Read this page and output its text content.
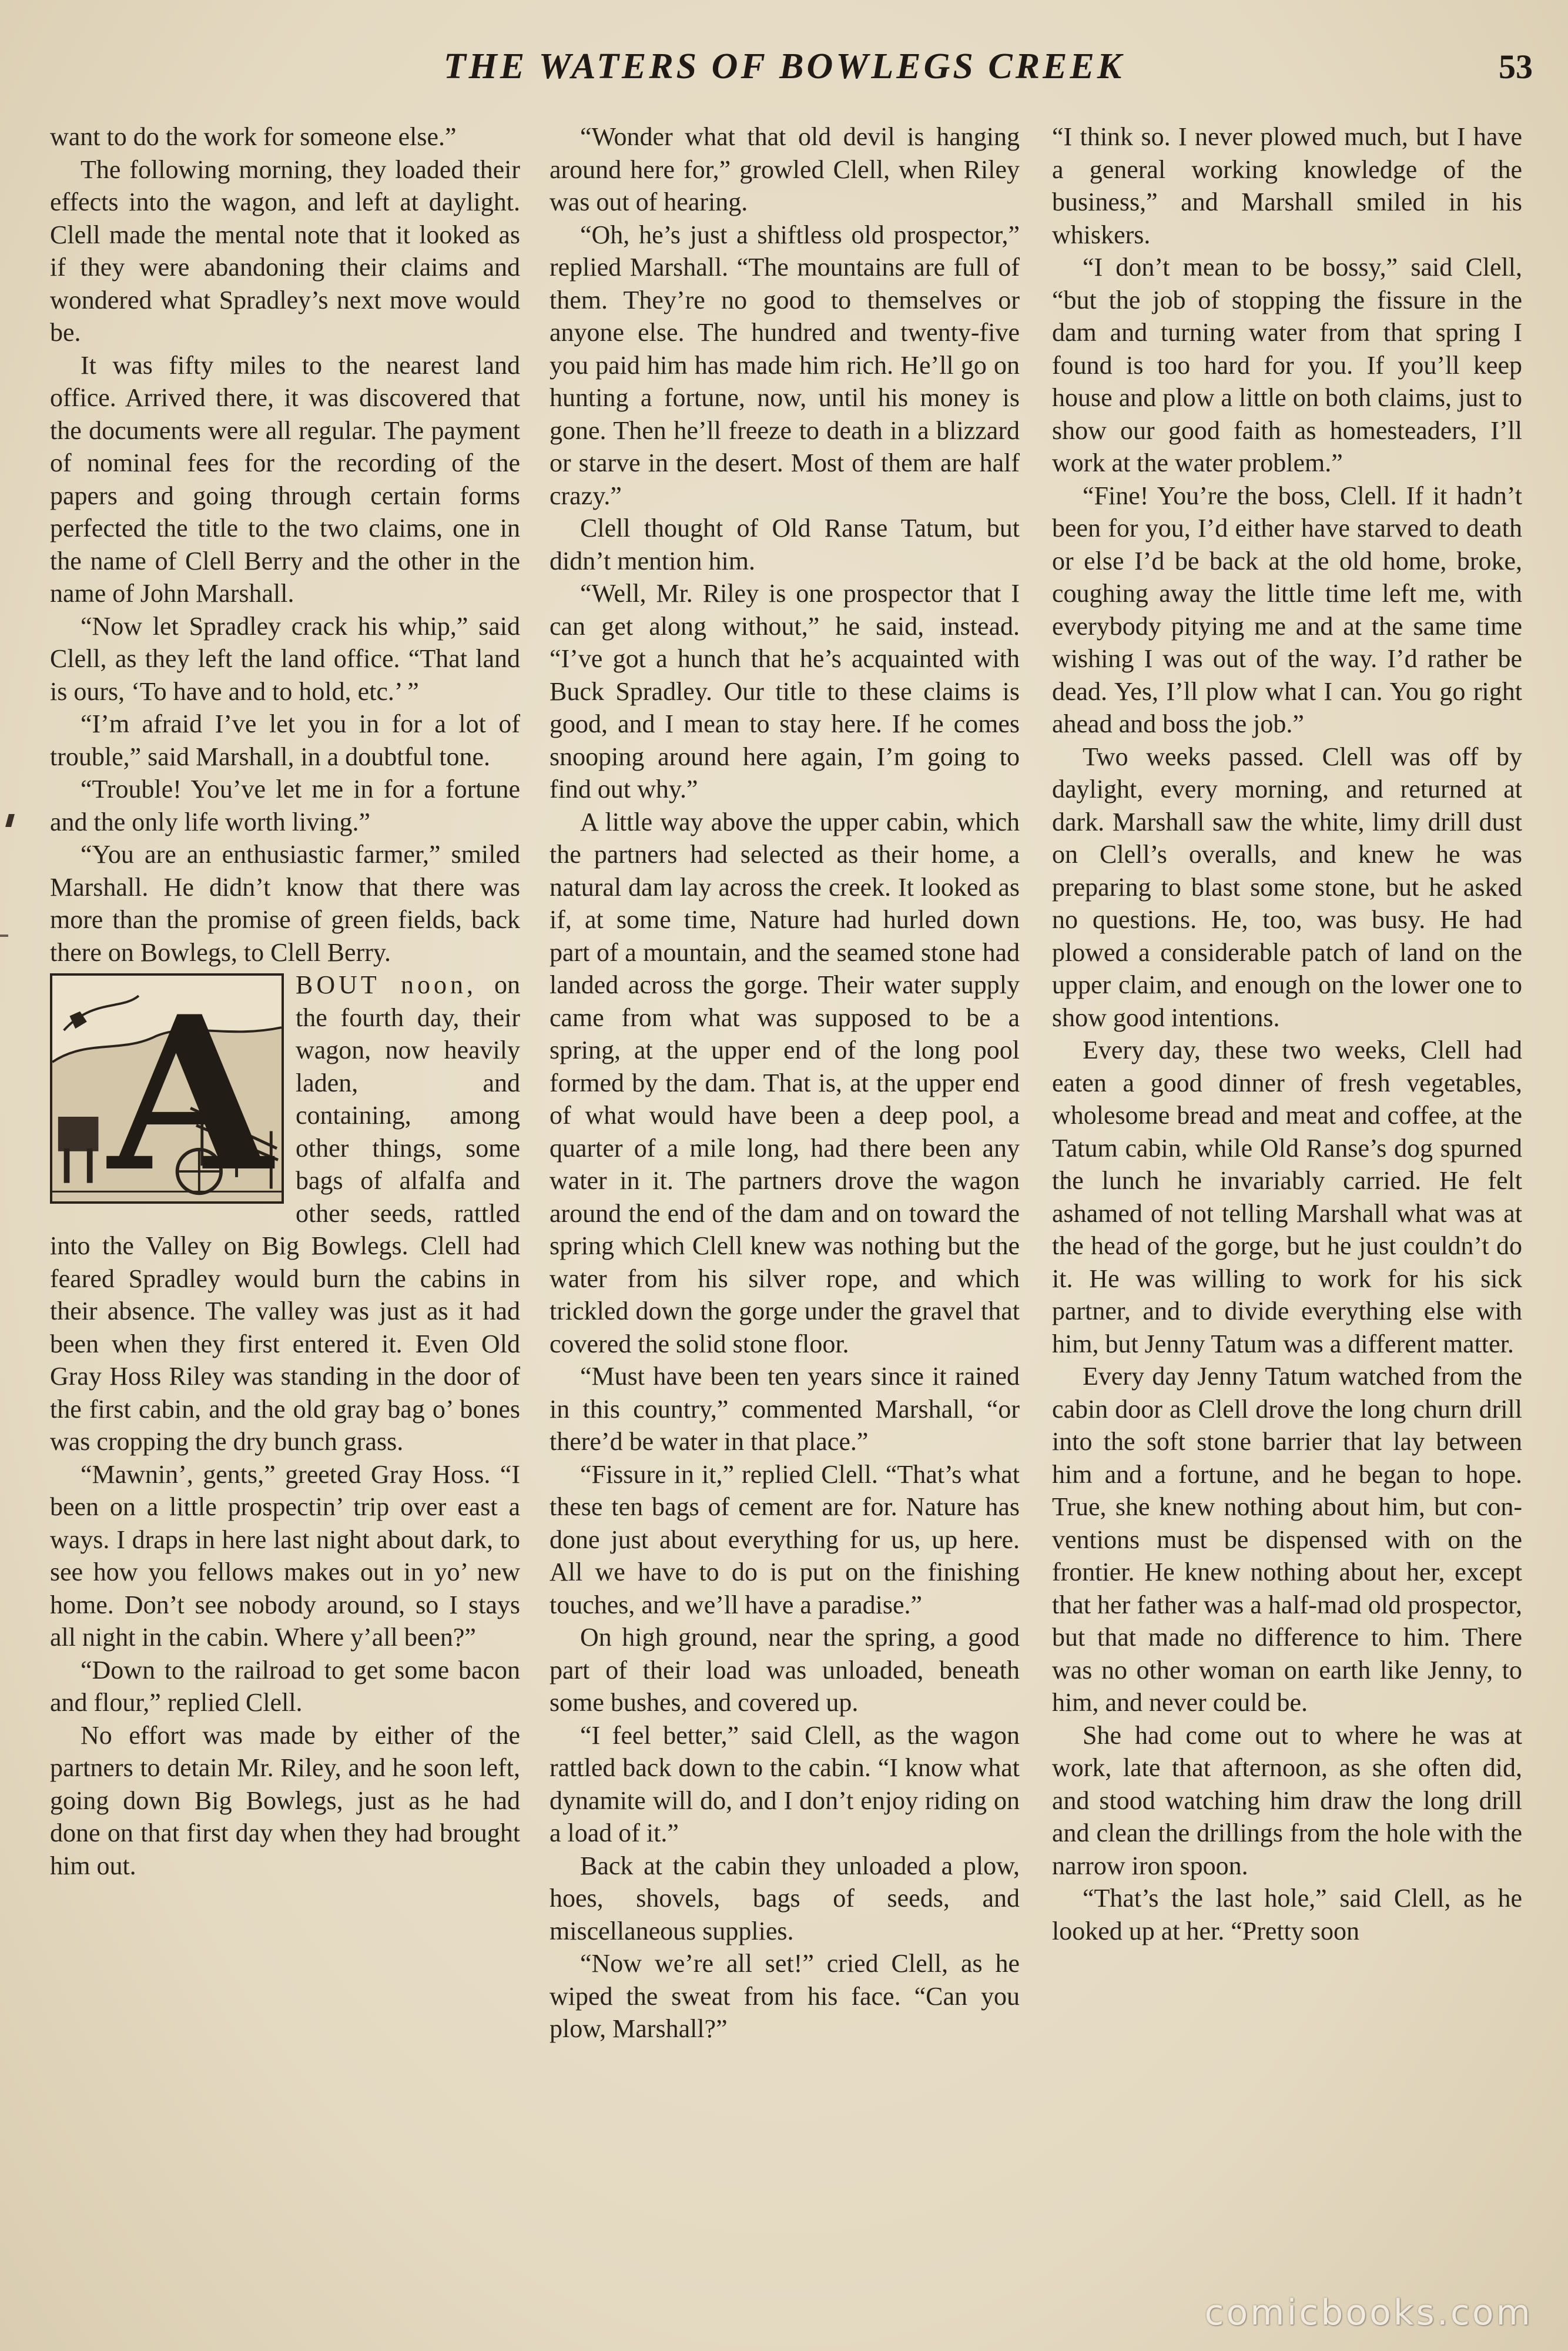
THE WATERS OF BOWLEGS CREEK	53

want to do the work for someone else.”

The following morning, they loaded their effects into the wagon, and left at daylight. Clell made the mental note that it looked as if they were abandoning their claims and wondered what Spradley’s next move would be.

It was fifty miles to the nearest land office. Arrived there, it was discovered that the documents were all regular. The payment of nominal fees for the recording of the papers and going through certain forms perfected the title to the two claims, one in the name of Clell Berry and the other in the name of John Marshall.

“Now let Spradley crack his whip,” said Clell, as they left the land office. “That land is ours, ‘To have and to hold, etc.’ ”

“I’m afraid I’ve let you in for a lot of trouble,” said Marshall, in a doubtful tone.

“Trouble! You’ve let me in for a fortune and the only life worth living.”

“You are an enthusiastic farmer,” smiled Marshall. He didn’t know that there was more than the promise of green fields, back there on Bowlegs, to Clell Berry.

A BOUT noon, on the fourth day, their wagon, now heavily laden, and containing, among other things, some bags of alfalfa and other seeds, rattled into the Valley on Big Bowlegs. Clell had feared Spradley would burn the cabins in their absence. The valley was just as it had been when they first entered it. Even Old Gray Hoss Riley was standing in the door of the first cabin, and the old gray bag o’ bones was cropping the dry bunch grass.

“Mawnin’, gents,” greeted Gray Hoss. “I been on a little prospectin’ trip over east a ways. I draps in here last night about dark, to see how you fellows makes out in yo’ new home. Don’t see nobody around, so I stays all night in the cabin. Where y’all been?”

“Down to the railroad to get some bacon and flour,” replied Clell.

No effort was made by either of the partners to detain Mr. Riley, and he soon left, going down Big Bowlegs, just as he had done on that first day when they had brought him out.

“Wonder what that old devil is hanging around here for,” growled Clell, when Riley was out of hearing.

“Oh, he’s just a shiftless old prospector,” replied Marshall. “The mountains are full of them. They’re no good to themselves or anyone else. The hundred and twenty-five you paid him has made him rich. He’ll go on hunting a fortune, now, until his money is gone. Then he’ll freeze to death in a blizzard or starve in the desert. Most of them are half crazy.”

Clell thought of Old Ranse Tatum, but didn’t mention him.

“Well, Mr. Riley is one prospector that I can get along without,” he said, instead. “I’ve got a hunch that he’s acquainted with Buck Spradley. Our title to these claims is good, and I mean to stay here. If he comes snooping around here again, I’m going to find out why.”

A little way above the upper cabin, which the partners had selected as their home, a natural dam lay across the creek. It looked as if, at some time, Nature had hurled down part of a mountain, and the seamed stone had landed across the gorge. Their water supply came from what was supposed to be a spring, at the upper end of the long pool formed by the dam. That is, at the upper end of what would have been a deep pool, a quarter of a mile long, had there been any water in it. The partners drove the wagon around the end of the dam and on toward the spring which Clell knew was nothing but the water from his silver rope, and which trickled down the gorge under the gravel that covered the solid stone floor.

“Must have been ten years since it rained in this country,” commented Marshall, “or there’d be water in that place.”

“Fissure in it,” replied Clell. “That’s what these ten bags of cement are for. Nature has done just about everything for us, up here. All we have to do is put on the finishing touches, and we’ll have a paradise.”

On high ground, near the spring, a good part of their load was unloaded, beneath some bushes, and covered up.

“I feel better,” said Clell, as the wagon rattled back down to the cabin. “I know what dynamite will do, and I don’t enjoy riding on a load of it.”

Back at the cabin they unloaded a plow, hoes, shovels, bags of seeds, and miscellaneous supplies.

“Now we’re all set!” cried Clell, as he wiped the sweat from his face. “Can you plow, Marshall?”

“I think so. I never plowed much, but I have a general working knowledge of the business,” and Marshall smiled in his whiskers.

“I don’t mean to be bossy,” said Clell, “but the job of stopping the fissure in the dam and turning water from that spring I found is too hard for you. If you’ll keep house and plow a little on both claims, just to show our good faith as homesteaders, I’ll work at the water problem.”

“Fine! You’re the boss, Clell. If it hadn’t been for you, I’d either have starved to death or else I’d be back at the old home, broke, coughing away the little time left me, with everybody pitying me and at the same time wishing I was out of the way. I’d rather be dead. Yes, I’ll plow what I can. You go right ahead and boss the job.”

Two weeks passed. Clell was off by daylight, every morning, and returned at dark. Marshall saw the white, limy drill dust on Clell’s overalls, and knew he was preparing to blast some stone, but he asked no questions. He, too, was busy. He had plowed a considerable patch of land on the upper claim, and enough on the lower one to show good intentions.

Every day, these two weeks, Clell had eaten a good dinner of fresh vegetables, wholesome bread and meat and coffee, at the Tatum cabin, while Old Ranse’s dog spurned the lunch he invariably carried. He felt ashamed of not telling Marshall what was at the head of the gorge, but he just couldn’t do it. He was willing to work for his sick partner, and to divide everything else with him, but Jenny Tatum was a different matter.

Every day Jenny Tatum watched from the cabin door as Clell drove the long churn drill into the soft stone barrier that lay between him and a fortune, and he began to hope. True, she knew nothing about him, but conventions must be dispensed with on the frontier. He knew nothing about her, except that her father was a half-mad old prospector, but that made no difference to him. There was no other woman on earth like Jenny, to him, and never could be.

She had come out to where he was at work, late that afternoon, as she often did, and stood watching him draw the long drill and clean the drillings from the hole with the narrow iron spoon.

“That’s the last hole,” said Clell, as he looked up at her. “Pretty soon

comicbooks.com
